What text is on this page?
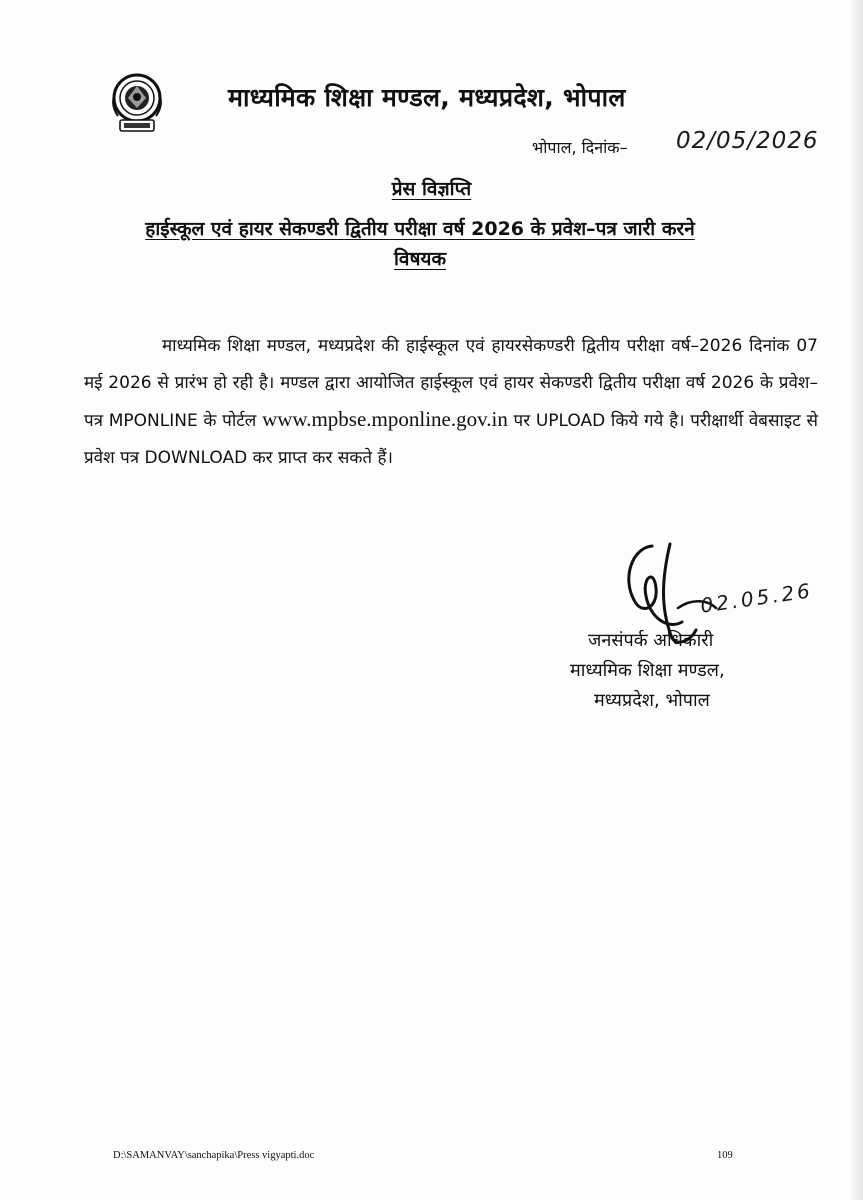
माध्यमिक शिक्षा मण्डल, मध्यप्रदेश, भोपाल
भोपाल, दिनांक– 02/05/2026
प्रेस विज्ञप्ति
हाईस्कूल एवं हायर सेकण्डरी द्वितीय परीक्षा वर्ष 2026 के प्रवेश–पत्र जारी करने
विषयक
माध्यमिक शिक्षा मण्डल, मध्यप्रदेश की हाईस्कूल एवं हायरसेकण्डरी द्वितीय परीक्षा वर्ष–2026 दिनांक 07 मई 2026 से प्रारंभ हो रही है। मण्डल द्वारा आयोजित हाईस्कूल एवं हायर सेकण्डरी द्वितीय परीक्षा वर्ष 2026 के प्रवेश–पत्र MPONLINE के पोर्टल www.mpbse.mponline.gov.in पर UPLOAD किये गये है। परीक्षार्थी वेबसाइट से प्रवेश पत्र DOWNLOAD कर प्राप्त कर सकते हैं।
02.05.26
जनसंपर्क अधिकारी
माध्यमिक शिक्षा मण्डल,
मध्यप्रदेश, भोपाल
D:\SAMANVAY\sanchapika\Press vigyapti.doc	109
